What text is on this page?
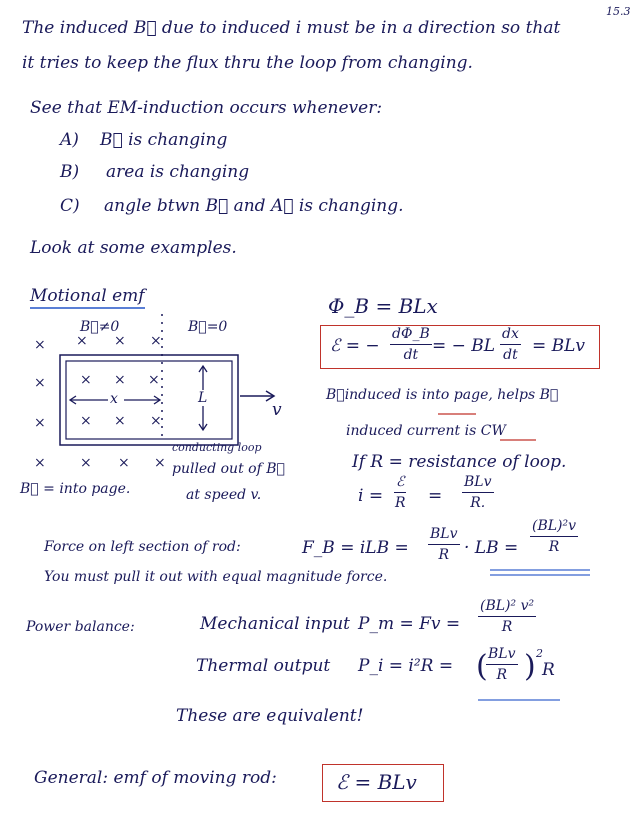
15.3
The induced B⃗ due to induced i must be in a direction so that
it tries to keep the flux thru the loop from changing.
See that EM-induction occurs whenever:
A) B⃗ is changing
B) area is changing
C) angle btwn B⃗ and A⃗ is changing.
Look at some examples.
Motional emf
B⃗≠0	B⃗=0
× × × ×
× × × ×
× × × ×
× × × ×
x	L
v
B⃗ = into page.
conducting loop
pulled out of B⃗
at speed v.
Φ_B = BLx
ℰ = − $\frac{d\Phi\_B}{dt}$ = − BL $\frac{dx}{dt}$ = BLv
B⃗induced is into page, helps B⃗
induced current is CW
If R = resistance of loop.
i =
ℰ
R =
BLv
R.
Force on left section of rod:	F_B = iLB =
BLv
R · LB = $\frac{\text{(BL)²v}}{R}$
You must pull it out with equal magnitude force.
Power balance:	Mechanical input P_m = $Fv = \frac{\text{(BL)² v²}}{R}$
Thermal output P_i = i²R = ( BLv
R ) 2
R
These are equivalent!
General: emf of moving rod:	ℰ = BLv
